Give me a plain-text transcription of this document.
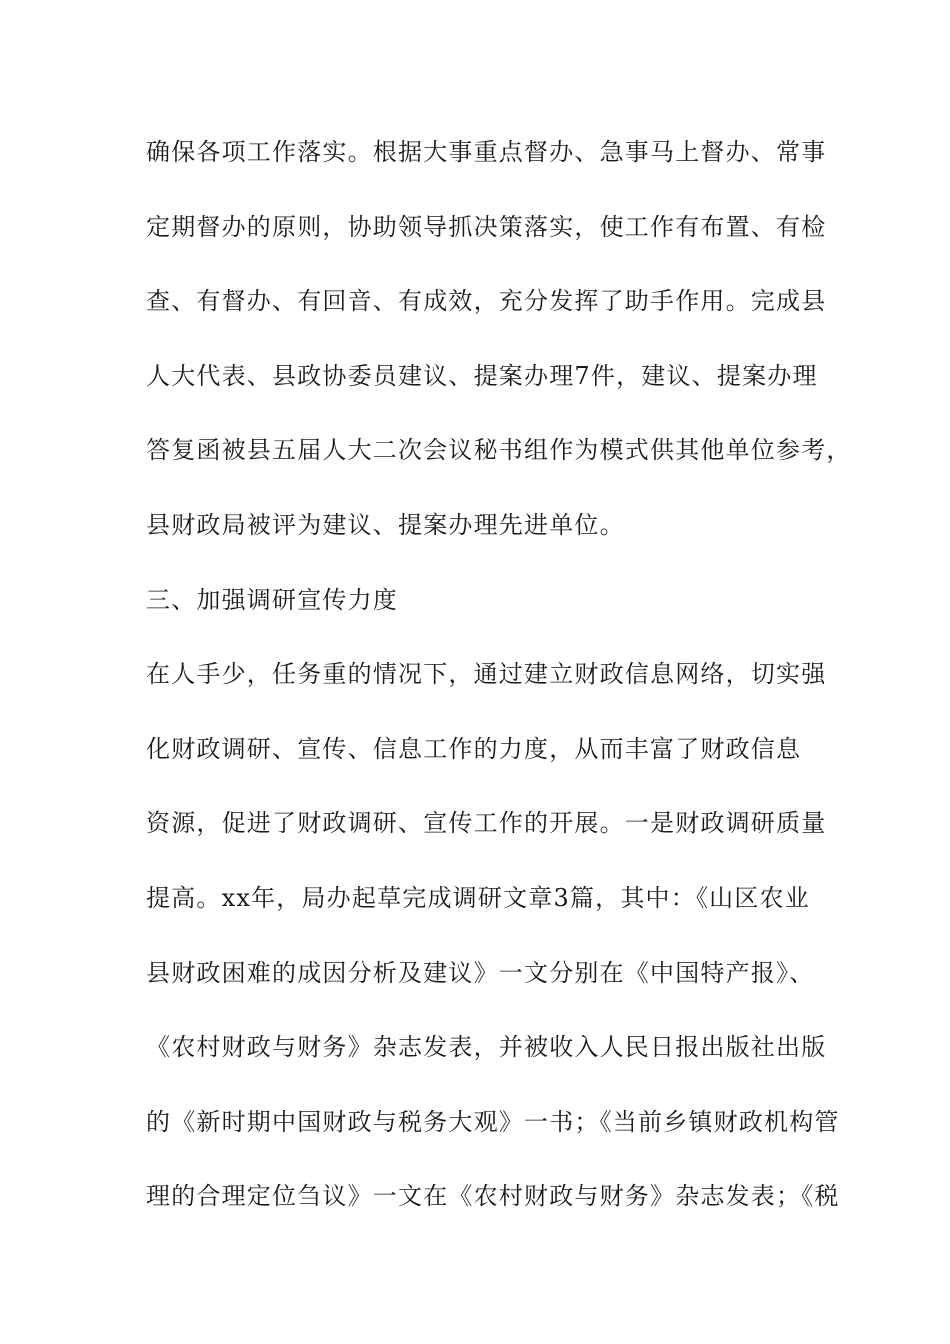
确保各项工作落实。根据大事重点督办、急事马上督办、常事
定期督办的原则，协助领导抓决策落实，使工作有布置、有检
查、有督办、有回音、有成效，充分发挥了助手作用。完成县
人大代表、县政协委员建议、提案办理7件，建议、提案办理
答复函被县五届人大二次会议秘书组作为模式供其他单位参考，
县财政局被评为建议、提案办理先进单位。
三、加强调研宣传力度
在人手少，任务重的情况下，通过建立财政信息网络，切实强
化财政调研、宣传、信息工作的力度，从而丰富了财政信息
资源，促进了财政调研、宣传工作的开展。一是财政调研质量
提高。xx年，局办起草完成调研文章3篇，其中：《山区农业
县财政困难的成因分析及建议》一文分别在《中国特产报》、
《农村财政与财务》杂志发表，并被收入人民日报出版社出版
的《新时期中国财政与税务大观》一书；《当前乡镇财政机构管
理的合理定位刍议》一文在《农村财政与财务》杂志发表；《税
